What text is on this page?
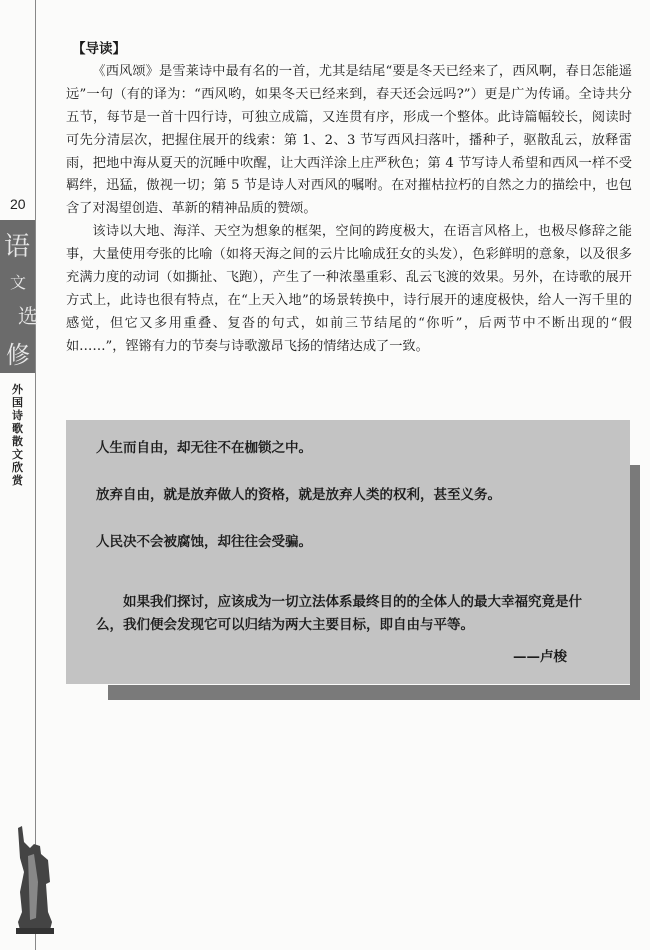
20
语
文
选
修
外国诗歌散文欣赏
【导读】

《西风颂》是雪莱诗中最有名的一首，尤其是结尾“要是冬天已经来了，西风啊，春日怎能遥远”一句（有的译为：“西风哟，如果冬天已经来到，春天还会远吗?”）更是广为传诵。全诗共分五节，每节是一首十四行诗，可独立成篇，又连贯有序，形成一个整体。此诗篇幅较长，阅读时可先分清层次，把握住展开的线索：第 1、2、3 节写西风扫落叶，播种子，驱散乱云，放释雷雨，把地中海从夏天的沉睡中吹醒，让大西洋涂上庄严秋色；第 4 节写诗人希望和西风一样不受羁绊，迅猛，傲视一切；第 5 节是诗人对西风的嘱咐。在对摧枯拉朽的自然之力的描绘中，也包含了对渴望创造、革新的精神品质的赞颂。

该诗以大地、海洋、天空为想象的框架，空间的跨度极大，在语言风格上，也极尽修辞之能事，大量使用夸张的比喻（如将天海之间的云片比喻成狂女的头发），色彩鲜明的意象，以及很多充满力度的动词（如撕扯、飞跑），产生了一种浓墨重彩、乱云飞渡的效果。另外，在诗歌的展开方式上，此诗也很有特点，在“上天入地”的场景转换中，诗行展开的速度极快，给人一泻千里的感觉，但它又多用重叠、复沓的句式，如前三节结尾的“你听”，后两节中不断出现的“假如……”，铿锵有力的节奏与诗歌激昂飞扬的情绪达成了一致。

人生而自由，却无往不在枷锁之中。
放弃自由，就是放弃做人的资格，就是放弃人类的权利，甚至义务。
人民决不会被腐蚀，却往往会受骗。

如果我们探讨，应该成为一切立法体系最终目的的全体人的最大幸福究竟是什么，我们便会发现它可以归结为两大主要目标，即自由与平等。

——卢梭
